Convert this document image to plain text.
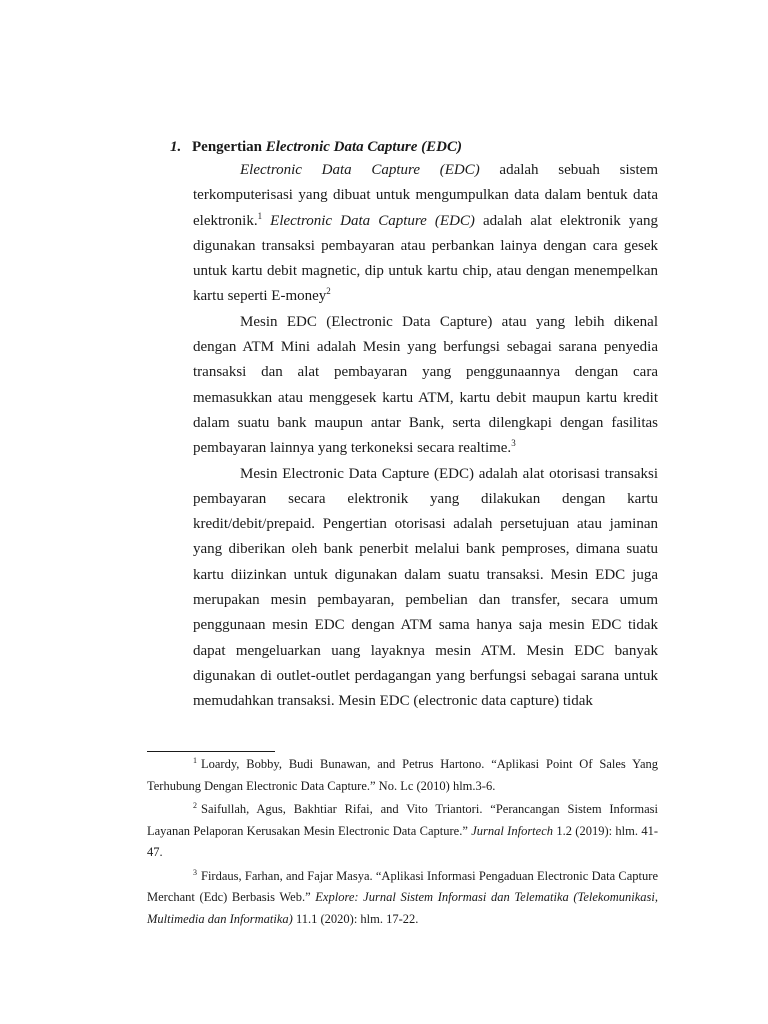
1. Pengertian Electronic Data Capture (EDC)

Electronic Data Capture (EDC) adalah sebuah sistem terkomputerisasi yang dibuat untuk mengumpulkan data dalam bentuk data elektronik.$^1$ Electronic Data Capture (EDC) adalah alat elektronik yang digunakan transaksi pembayaran atau perbankan lainya dengan cara gesek untuk kartu debit magnetic, dip untuk kartu chip, atau dengan menempelkan kartu seperti E-money$^2$

Mesin EDC (Electronic Data Capture) atau yang lebih dikenal dengan ATM Mini adalah Mesin yang berfungsi sebagai sarana penyedia transaksi dan alat pembayaran yang penggunaannya dengan cara memasukkan atau menggesek kartu ATM, kartu debit maupun kartu kredit dalam suatu bank maupun antar Bank, serta dilengkapi dengan fasilitas pembayaran lainnya yang terkoneksi secara realtime.$^3$

Mesin Electronic Data Capture (EDC) adalah alat otorisasi transaksi pembayaran secara elektronik yang dilakukan dengan kartu kredit/debit/prepaid. Pengertian otorisasi adalah persetujuan atau jaminan yang diberikan oleh bank penerbit melalui bank pemproses, dimana suatu kartu diizinkan untuk digunakan dalam suatu transaksi. Mesin EDC juga merupakan mesin pembayaran, pembelian dan transfer, secara umum penggunaan mesin EDC dengan ATM sama hanya saja mesin EDC tidak dapat mengeluarkan uang layaknya mesin ATM. Mesin EDC banyak digunakan di outlet-outlet perdagangan yang berfungsi sebagai sarana untuk memudahkan transaksi. Mesin EDC (electronic data capture) tidak

$^1$ Loardy, Bobby, Budi Bunawan, and Petrus Hartono. “Aplikasi Point Of Sales Yang Terhubung Dengan Electronic Data Capture.” No. Lc (2010) hlm.3-6.

$^2$ Saifullah, Agus, Bakhtiar Rifai, and Vito Triantori. “Perancangan Sistem Informasi Layanan Pelaporan Kerusakan Mesin Electronic Data Capture.” Jurnal Infortech 1.2 (2019): hlm. 41-47.

$^3$ Firdaus, Farhan, and Fajar Masya. “Aplikasi Informasi Pengaduan Electronic Data Capture Merchant (Edc) Berbasis Web.” Explore: Jurnal Sistem Informasi dan Telematika (Telekomunikasi, Multimedia dan Informatika) 11.1 (2020): hlm. 17-22.
